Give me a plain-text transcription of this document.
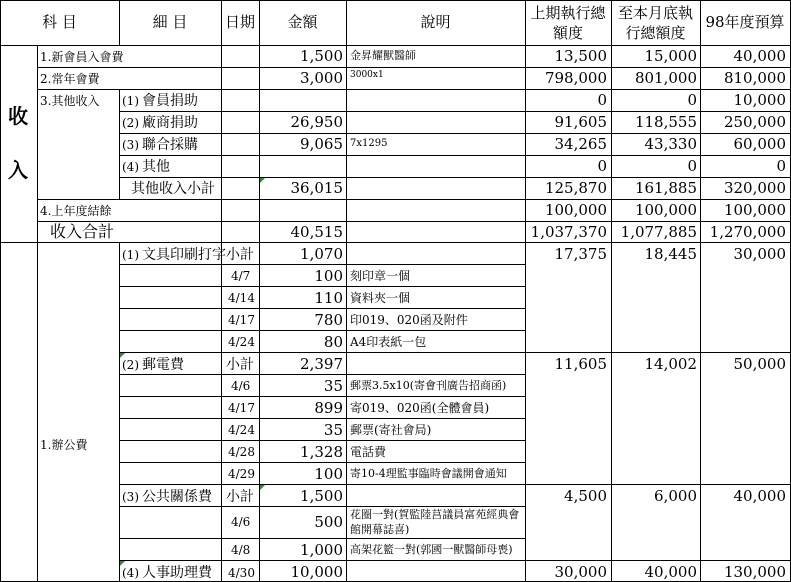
科 目	細 目	日期	金額	說明	上期執行總
額度
至本月底執
行總額度
98年度預算
收
入
1.新會員入會費	1,500 金昇耀獸醫師	13,500	15,000	40,000
2.常年會費	3,000 3000x1	798,000	801,000	810,000
3.其他收入 (1) 會員捐助	0	0	10,000
(2) 廠商捐助	26,950	91,605	118,555	250,000
(3) 聯合採購	9,065 7x1295	34,265	43,330	60,000
(4) 其他	0	0	0
其他收入小計	36,015	125,870	161,885	320,000
4.上年度結餘	100,000	100,000	100,000
收入合計	40,515	1,037,370 1,077,885 1,270,000
1.辦公費
(1) 文具印刷打字 小計	1,070	17,375	18,445	30,000
4/7	100 刻印章一個
4/14	110 資料夾一個
4/17	780 印019、020函及附件
4/24	80 A4印表紙一包
(2) 郵電費	小計	2,397	11,605	14,002	50,000
4/6	35 郵票3.5x10(寄會刊廣告招商函)
4/17	899 寄019、020函(全體會員)
4/24	35 郵票(寄社會局)
4/28	1,328 電話費
4/29	100 寄10-4理監事臨時會議開會通知
(3) 公共關係費 小計	1,500	4,500	6,000	40,000
4/6	500 花圈一對(賀監陸莒議員富苑經典會
館開幕誌喜)
4/8	1,000 高架花籃一對(郭國一獸醫師母喪)
(4) 人事助理費 4/30	10,000	30,000	40,000	130,000
